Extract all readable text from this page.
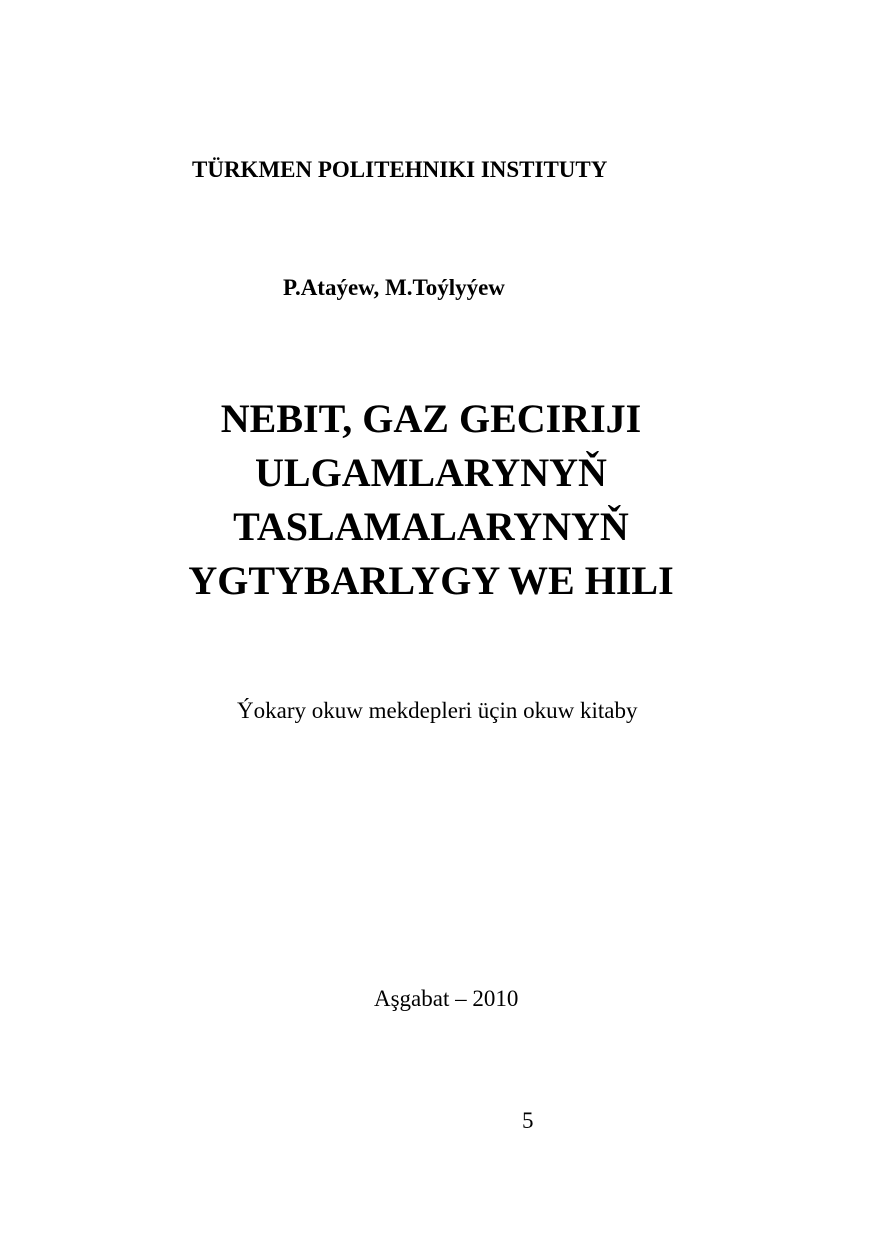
TÜRKMEN POLITEHNIKI INSTITUTY
P.Ataýew, M.Toýlyýew
NEBIT, GAZ GECIRIJI
ULGAMLARYNYŇ
TASLAMALARYNYŇ
YGTYBARLYGY WE HILI
Ýokary okuw mekdepleri üçin okuw kitaby
Aşgabat – 2010
5
